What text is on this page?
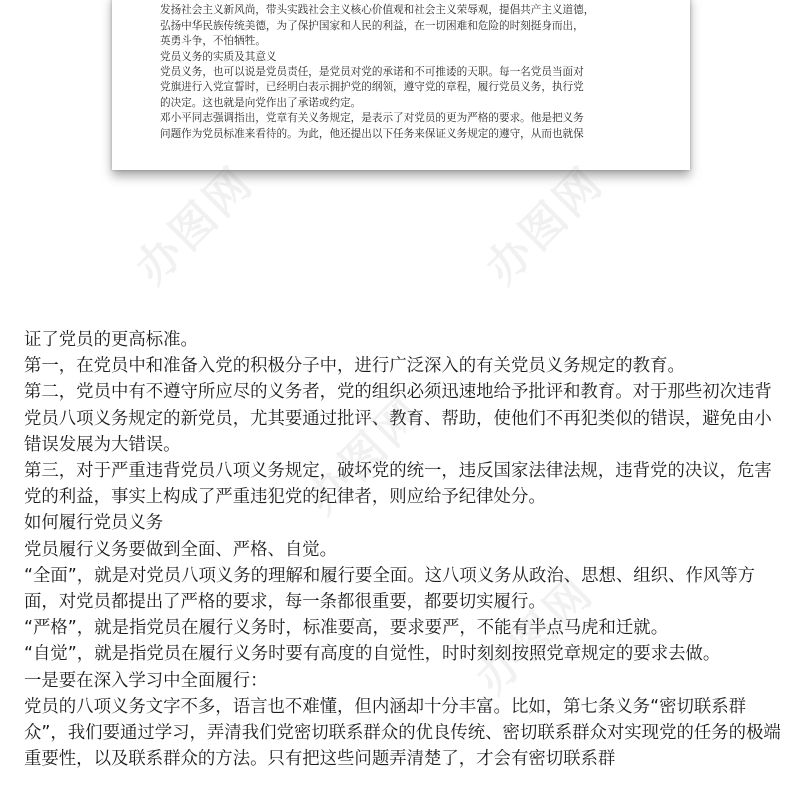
发扬社会主义新风尚，带头实践社会主义核心价值观和社会主义荣辱观，提倡共产主义道德，

弘扬中华民族传统美德，为了保护国家和人民的利益，在一切困难和危险的时刻挺身而出，

英勇斗争，不怕牺牲。

党员义务的实质及其意义

党员义务，也可以说是党员责任，是党员对党的承诺和不可推诿的天职。每一名党员当面对

党旗进行入党宣誓时，已经明白表示拥护党的纲领，遵守党的章程，履行党员义务，执行党

的决定。这也就是向党作出了承诺或约定。

邓小平同志强调指出，党章有关义务规定，是表示了对党员的更为严格的要求。他是把义务

问题作为党员标准来看待的。为此，他还提出以下任务来保证义务规定的遵守，从而也就保

办图网	办图网
办图网
办图网

证了党员的更高标准。

第一，在党员中和准备入党的积极分子中，进行广泛深入的有关党员义务规定的教育。

第二，党员中有不遵守所应尽的义务者，党的组织必须迅速地给予批评和教育。对于那些初次违背党员八项义务规定的新党员，尤其要通过批评、教育、帮助，使他们不再犯类似的错误，避免由小错误发展为大错误。

第三，对于严重违背党员八项义务规定，破坏党的统一，违反国家法律法规，违背党的决议，危害党的利益，事实上构成了严重违犯党的纪律者，则应给予纪律处分。

如何履行党员义务

党员履行义务要做到全面、严格、自觉。

“全面”，就是对党员八项义务的理解和履行要全面。这八项义务从政治、思想、组织、作风等方面，对党员都提出了严格的要求，每一条都很重要，都要切实履行。

“严格”，就是指党员在履行义务时，标准要高，要求要严，不能有半点马虎和迁就。

“自觉”，就是指党员在履行义务时要有高度的自觉性，时时刻刻按照党章规定的要求去做。

一是要在深入学习中全面履行：

党员的八项义务文字不多，语言也不难懂，但内涵却十分丰富。比如，第七条义务“密切联系群众”，我们要通过学习，弄清我们党密切联系群众的优良传统、密切联系群众对实现党的任务的极端重要性，以及联系群众的方法。只有把这些问题弄清楚了，才会有密切联系群
